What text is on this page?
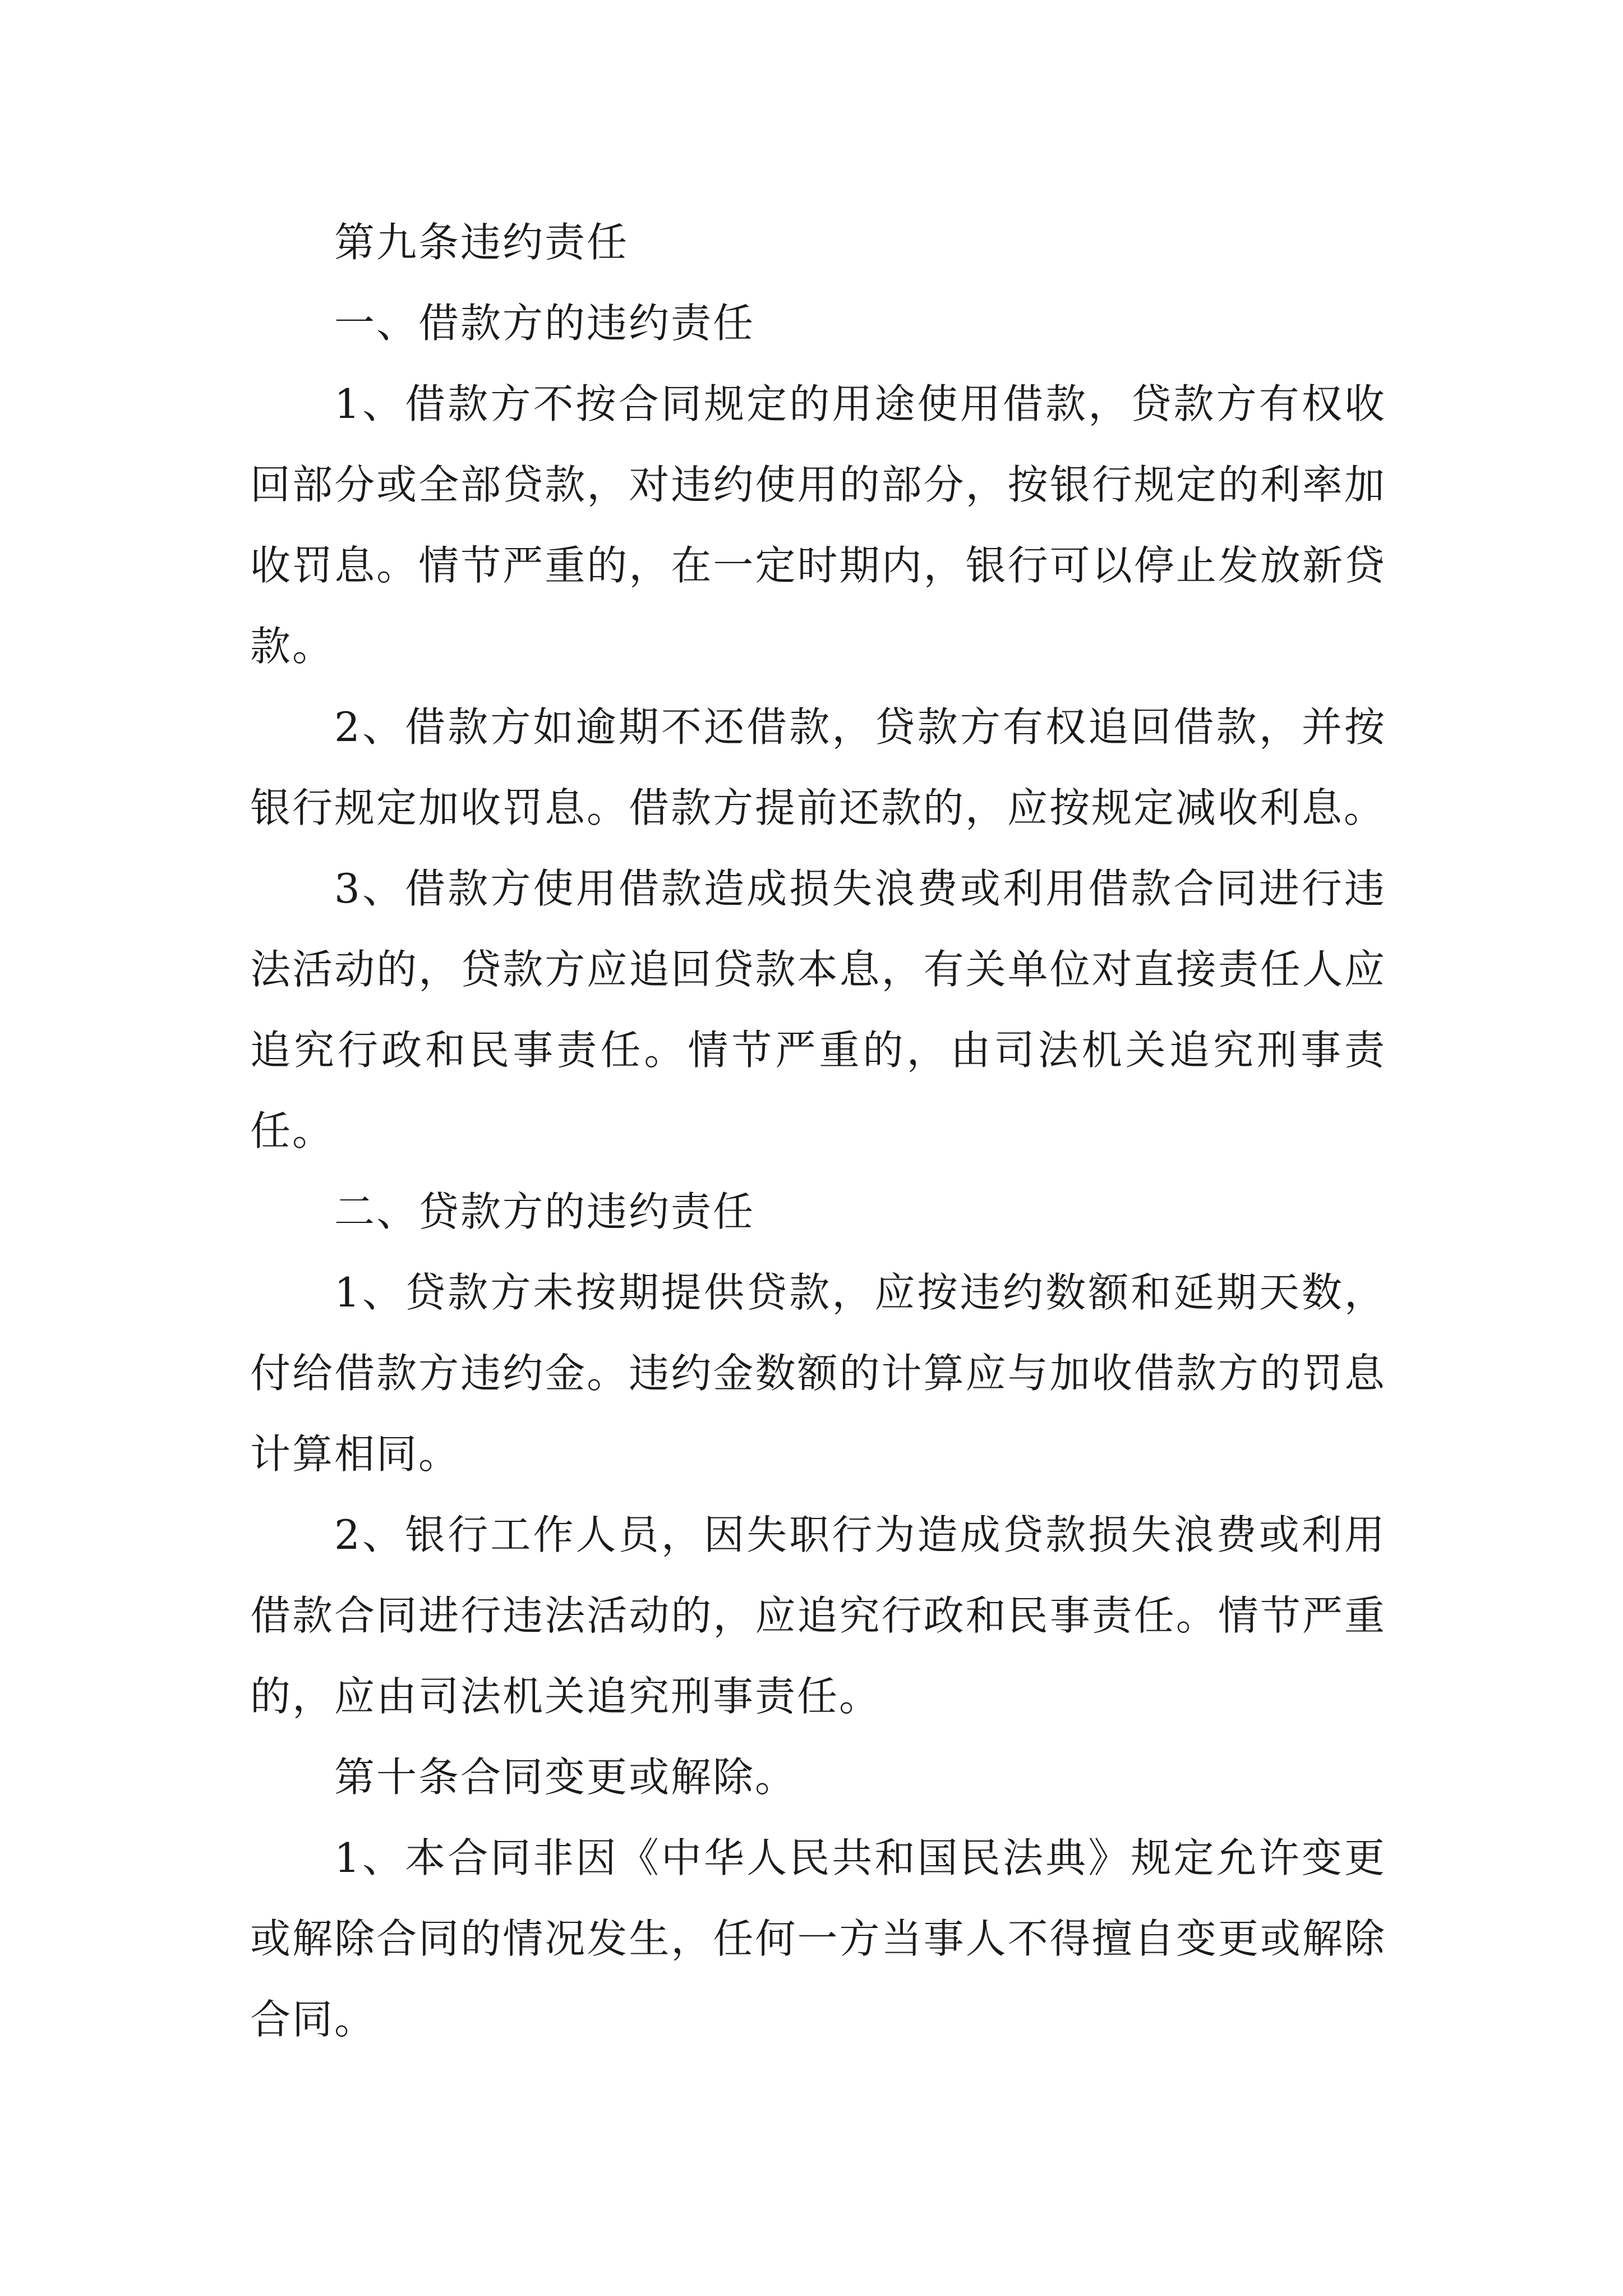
第九条违约责任

一、借款方的违约责任

1、借款方不按合同规定的用途使用借款，贷款方有权收回部分或全部贷款，对违约使用的部分，按银行规定的利率加收罚息。情节严重的，在一定时期内，银行可以停止发放新贷款。

2、借款方如逾期不还借款，贷款方有权追回借款，并按银行规定加收罚息。借款方提前还款的，应按规定减收利息。

3、借款方使用借款造成损失浪费或利用借款合同进行违法活动的，贷款方应追回贷款本息，有关单位对直接责任人应追究行政和民事责任。情节严重的，由司法机关追究刑事责任。

二、贷款方的违约责任

1、贷款方未按期提供贷款，应按违约数额和延期天数，付给借款方违约金。违约金数额的计算应与加收借款方的罚息计算相同。

2、银行工作人员，因失职行为造成贷款损失浪费或利用借款合同进行违法活动的，应追究行政和民事责任。情节严重的，应由司法机关追究刑事责任。

第十条合同变更或解除。

1、本合同非因《中华人民共和国民法典》规定允许变更或解除合同的情况发生，任何一方当事人不得擅自变更或解除合同。
